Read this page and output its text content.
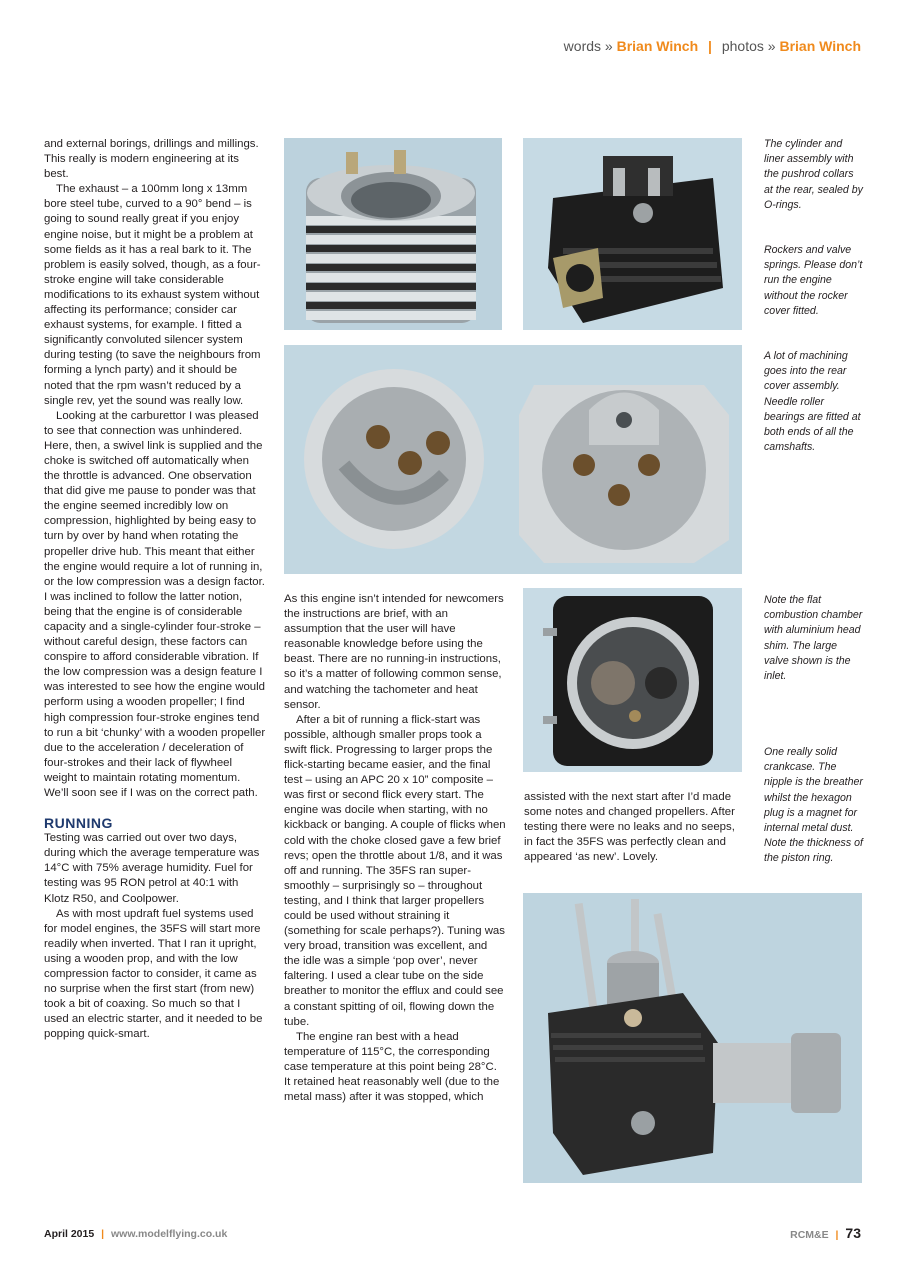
words » Brian Winch | photos » Brian Winch

and external borings, drillings and millings. This really is modern engineering at its best.

The exhaust – a 100mm long x 13mm bore steel tube, curved to a 90° bend – is going to sound really great if you enjoy engine noise, but it might be a problem at some fields as it has a real bark to it. The problem is easily solved, though, as a four-stroke engine will take considerable modifications to its exhaust system without affecting its performance; consider car exhaust systems, for example. I fitted a significantly convoluted silencer system during testing (to save the neighbours from forming a lynch party) and it should be noted that the rpm wasn’t reduced by a single rev, yet the sound was really low.

Looking at the carburettor I was pleased to see that connection was unhindered. Here, then, a swivel link is supplied and the choke is switched off automatically when the throttle is advanced. One observation that did give me pause to ponder was that the engine seemed incredibly low on compression, highlighted by being easy to turn by over by hand when rotating the propeller drive hub. This meant that either the engine would require a lot of running in, or the low compression was a design factor. I was inclined to follow the latter notion, being that the engine is of considerable capacity and a single-cylinder four-stroke – without careful design, these factors can conspire to afford considerable vibration. If the low compression was a design feature I was interested to see how the engine would perform using a wooden propeller; I find high compression four-stroke engines tend to run a bit ‘chunky’ with a wooden propeller due to the acceleration / deceleration of four-strokes and their lack of flywheel weight to maintain rotating momentum. We’ll soon see if I was on the correct path.

RUNNING

Testing was carried out over two days, during which the average temperature was 14°C with 75% average humidity. Fuel for testing was 95 RON petrol at 40:1 with Klotz R50, and Coolpower.

As with most updraft fuel systems used for model engines, the 35FS will start more readily when inverted. That I ran it upright, using a wooden prop, and with the low compression factor to consider, it came as no surprise when the first start (from new) took a bit of coaxing. So much so that I used an electric starter, and it needed to be popping quick-smart.

As this engine isn’t intended for newcomers the instructions are brief, with an assumption that the user will have reasonable knowledge before using the beast. There are no running-in instructions, so it’s a matter of following common sense, and watching the tachometer and heat sensor.

After a bit of running a flick-start was possible, although smaller props took a swift flick. Progressing to larger props the flick-starting became easier, and the final test – using an APC 20 x 10” composite – was first or second flick every start. The engine was docile when starting, with no kickback or banging. A couple of flicks when cold with the choke closed gave a few brief revs; open the throttle about 1/8, and it was off and running. The 35FS ran super-smoothly – surprisingly so – throughout testing, and I think that larger propellers could be used without straining it (something for scale perhaps?). Tuning was very broad, transition was excellent, and the idle was a simple ‘pop over’, never faltering. I used a clear tube on the side breather to monitor the efflux and could see a constant spitting of oil, flowing down the tube.

The engine ran best with a head temperature of 115°C, the corresponding case temperature at this point being 28°C. It retained heat reasonably well (due to the metal mass) after it was stopped, which

assisted with the next start after I’d made some notes and changed propellers. After testing there were no leaks and no seeps, in fact the 35FS was perfectly clean and appeared ‘as new’. Lovely.

The cylinder and liner assembly with the pushrod collars at the rear, sealed by O-rings.
Rockers and valve springs. Please don’t run the engine without the rocker cover fitted.
A lot of machining goes into the rear cover assembly. Needle roller bearings are fitted at both ends of all the camshafts.
Note the flat combustion chamber with aluminium head shim. The large valve shown is the inlet.
One really solid crankcase. The nipple is the breather whilst the hexagon plug is a magnet for internal metal dust. Note the thickness of the piston ring.
April 2015 | www.modelflying.co.uk	RCM&E | 73
